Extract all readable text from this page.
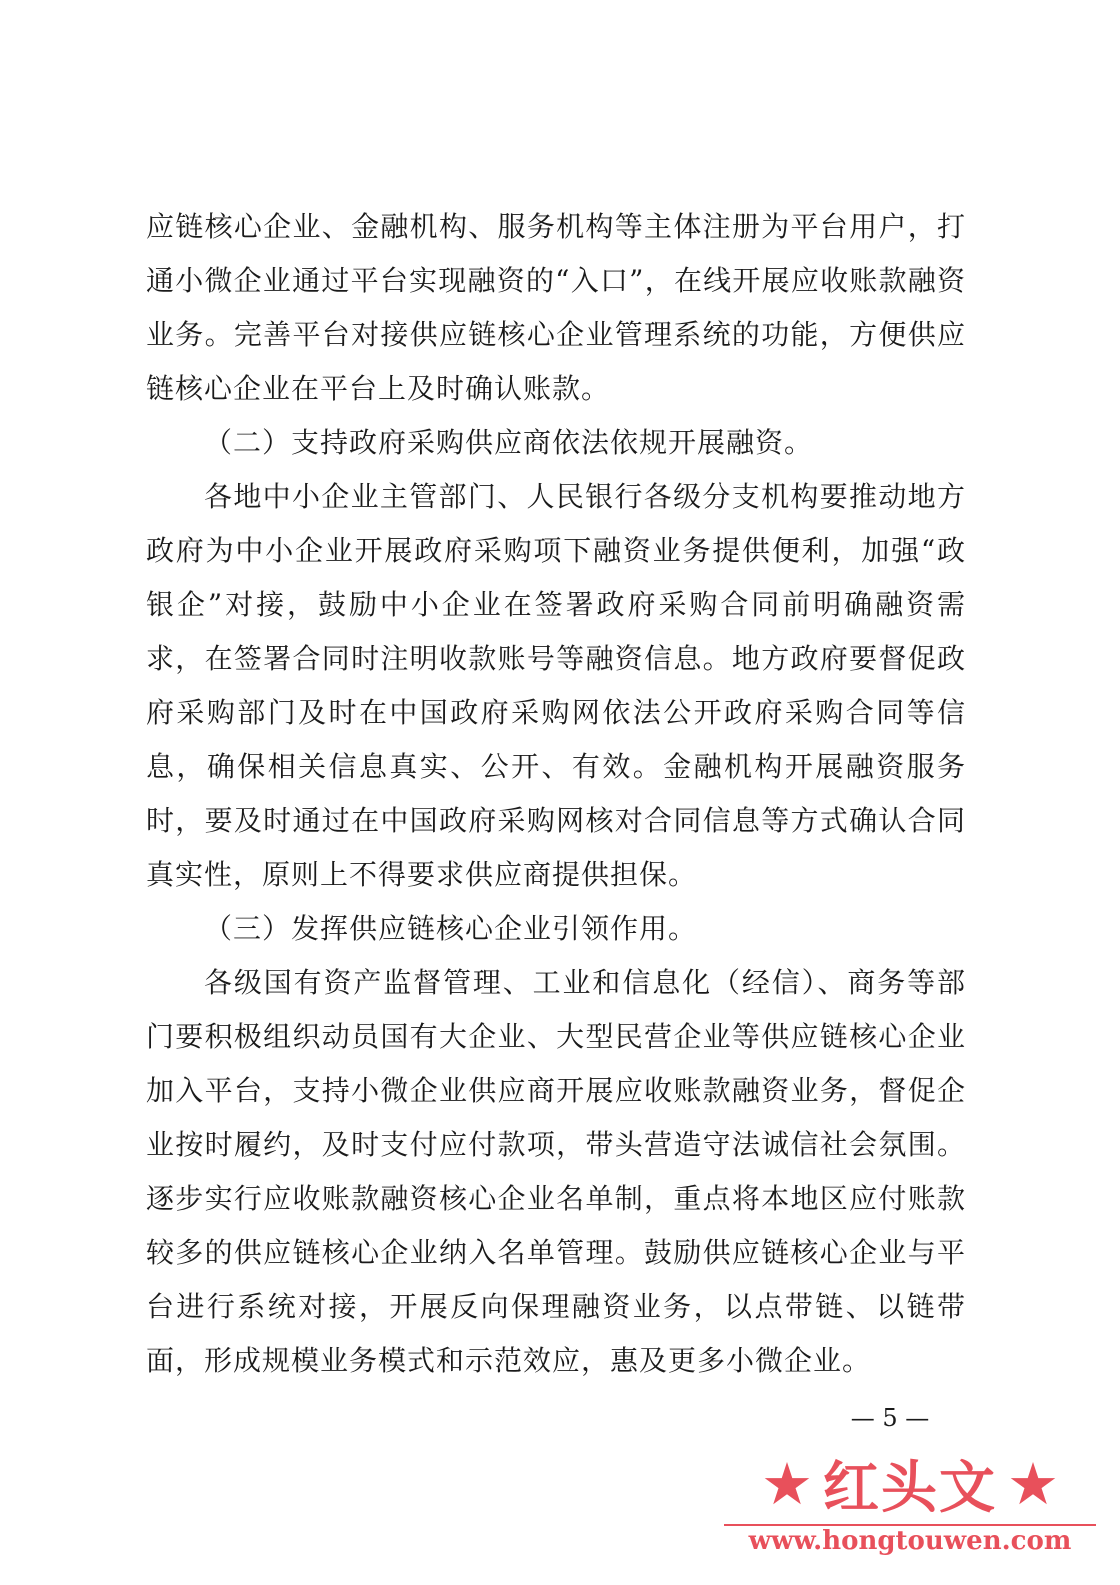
应链核心企业、金融机构、服务机构等主体注册为平台用户，打通小微企业通过平台实现融资的“入口”，在线开展应收账款融资业务。完善平台对接供应链核心企业管理系统的功能，方便供应链核心企业在平台上及时确认账款。

（二）支持政府采购供应商依法依规开展融资。

各地中小企业主管部门、人民银行各级分支机构要推动地方政府为中小企业开展政府采购项下融资业务提供便利，加强“政银企”对接，鼓励中小企业在签署政府采购合同前明确融资需求，在签署合同时注明收款账号等融资信息。地方政府要督促政府采购部门及时在中国政府采购网依法公开政府采购合同等信息，确保相关信息真实、公开、有效。金融机构开展融资服务时，要及时通过在中国政府采购网核对合同信息等方式确认合同真实性，原则上不得要求供应商提供担保。

（三）发挥供应链核心企业引领作用。

各级国有资产监督管理、工业和信息化（经信）、商务等部门要积极组织动员国有大企业、大型民营企业等供应链核心企业加入平台，支持小微企业供应商开展应收账款融资业务，督促企业按时履约，及时支付应付款项，带头营造守法诚信社会氛围。逐步实行应收账款融资核心企业名单制，重点将本地区应付账款较多的供应链核心企业纳入名单管理。鼓励供应链核心企业与平台进行系统对接，开展反向保理融资业务，以点带链、以链带面，形成规模业务模式和示范效应，惠及更多小微企业。

— 5 —
★ 红头文 ★
www.hongtouwen.com
